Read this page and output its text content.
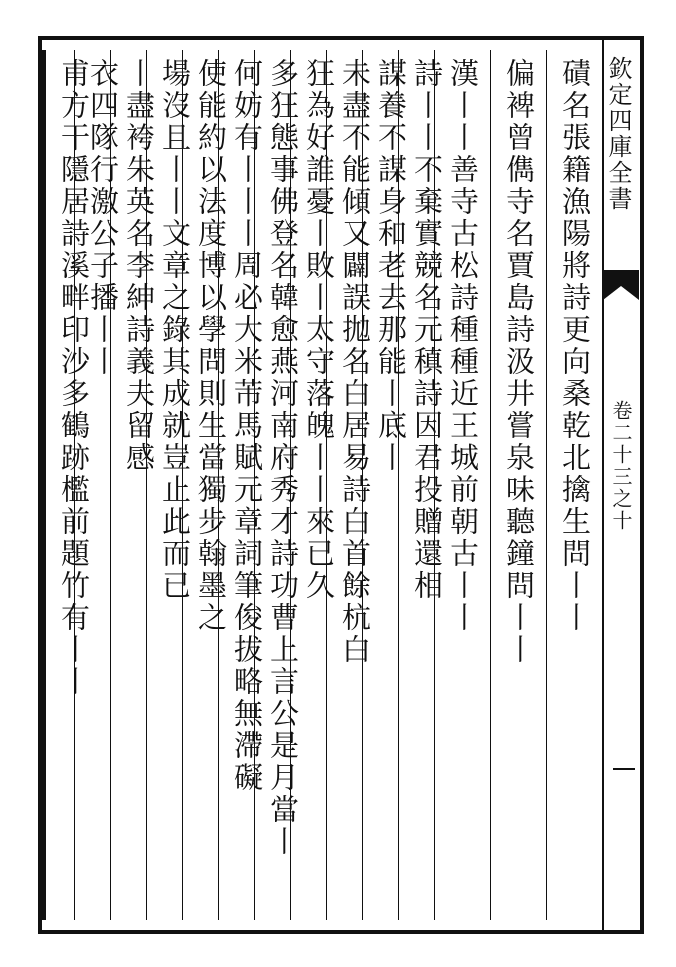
欽定四庫全書
卷二十三之十
磧名張籍漁陽將詩更向桑乾北擒生問丨丨
偏裨曾儁寺名賈島詩汲井嘗泉味聽鐘問丨丨
漢丨丨善寺古松詩種種近王城前朝古丨丨
詩丨丨不棄實競名元稹詩因君投贈還相
謀養不謀身和老去那能丨底丨
未盡不能傾又闢誤拋名白居易詩白首餘杭白
狂為好誰憂丨敗丨太守落魄丨丨來已久
多狂態事佛登名韓愈燕河南府秀才詩功曹上言公是月當丨
何妨有丨丨丨周必大米芾馬賦元章詞筆俊拔略無滯礙
使能約以法度博以學問則生當獨步翰墨之
場沒且丨丨文章之錄其成就豈止此而已
丨盡袴朱英名李紳詩義夫留感
衣四隊行激公子播丨丨
甫方干隱居詩溪畔印沙多鶴跡檻前題竹有丨丨
